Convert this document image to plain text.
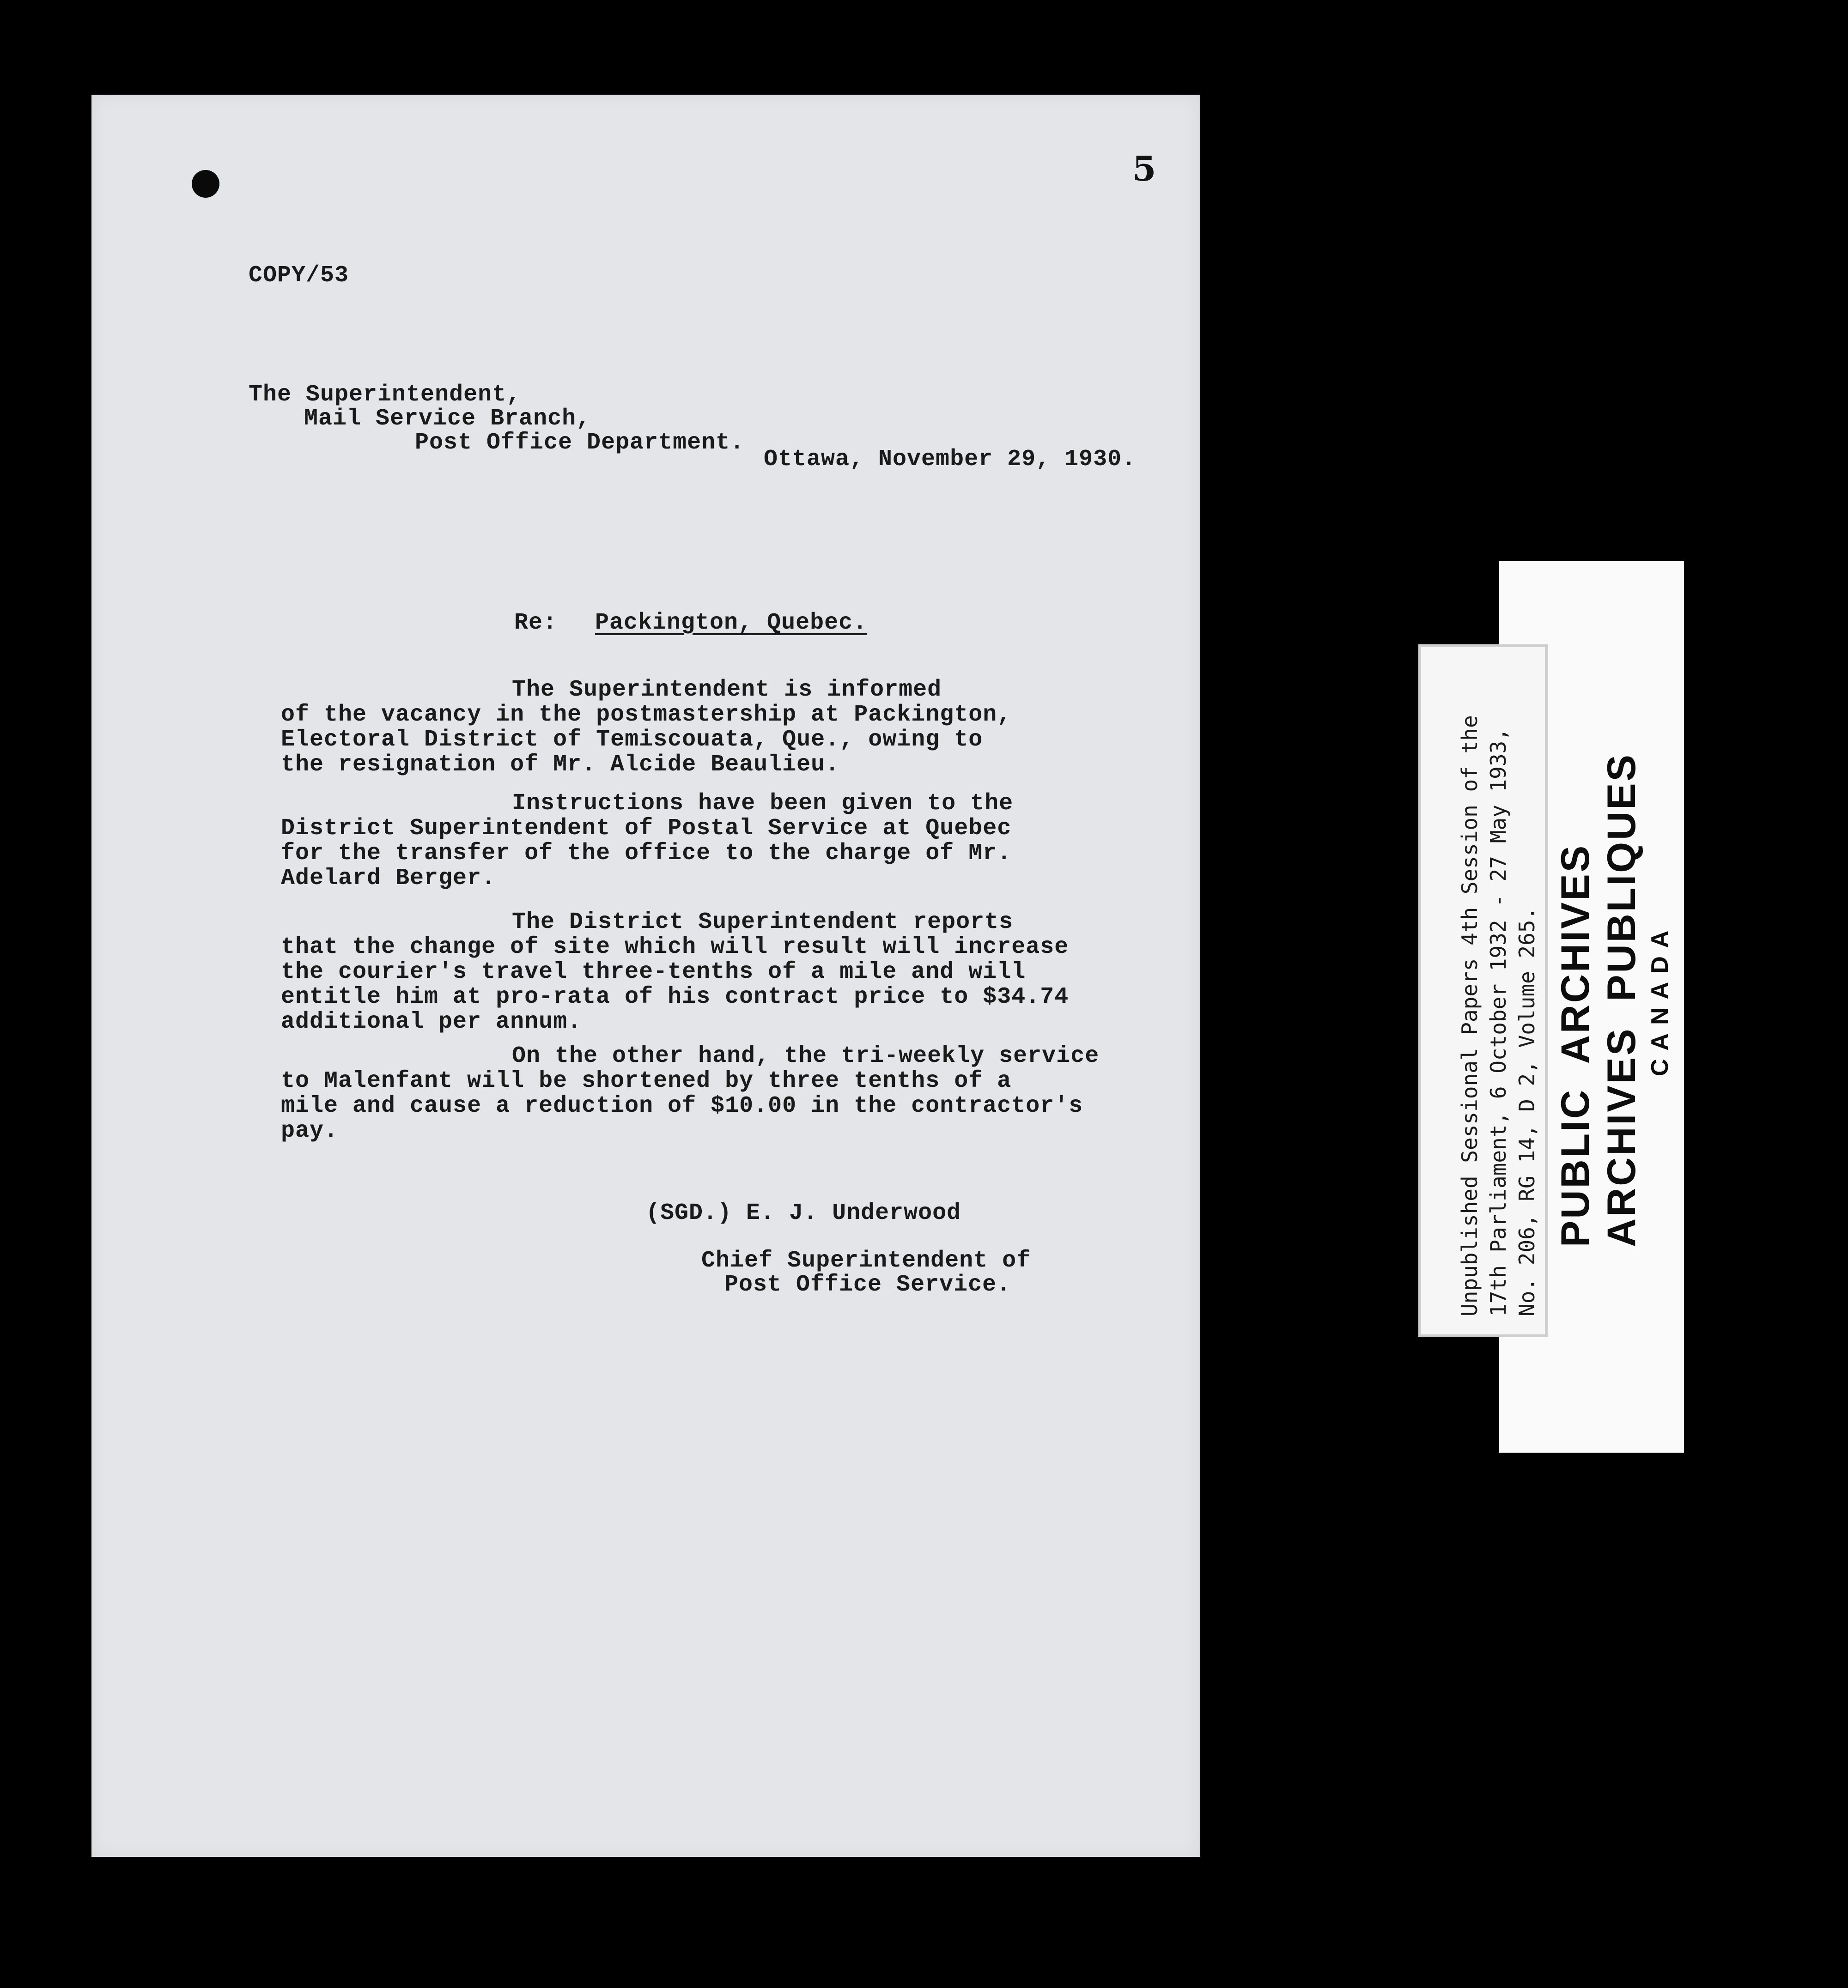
5
COPY/53
The Superintendent,
Mail Service Branch,
Post Office Department.
Ottawa, November 29, 1930.
Re: Packington, Quebec.
The Superintendent is informed
of the vacancy in the postmastership at Packington,
Electoral District of Temiscouata, Que., owing to
the resignation of Mr. Alcide Beaulieu.
Instructions have been given to the
District Superintendent of Postal Service at Quebec
for the transfer of the office to the charge of Mr.
Adelard Berger.
The District Superintendent reports
that the change of site which will result will increase
the courier's travel three-tenths of a mile and will
entitle him at pro-rata of his contract price to $34.74
additional per annum.
On the other hand, the tri-weekly service
to Malenfant will be shortened by three tenths of a
mile and cause a reduction of $10.00 in the contractor's
pay.
(SGD.) E. J. Underwood
Chief Superintendent of
Post Office Service.	Unpublished Sessional Papers 4th Session of the
17th Parliament, 6 October 1932 - 27 May 1933,
No. 206, RG 14, D 2, Volume 265. PUBLIC  ARCHIVES ARCHIVES  PUBLIQUES CANADA
